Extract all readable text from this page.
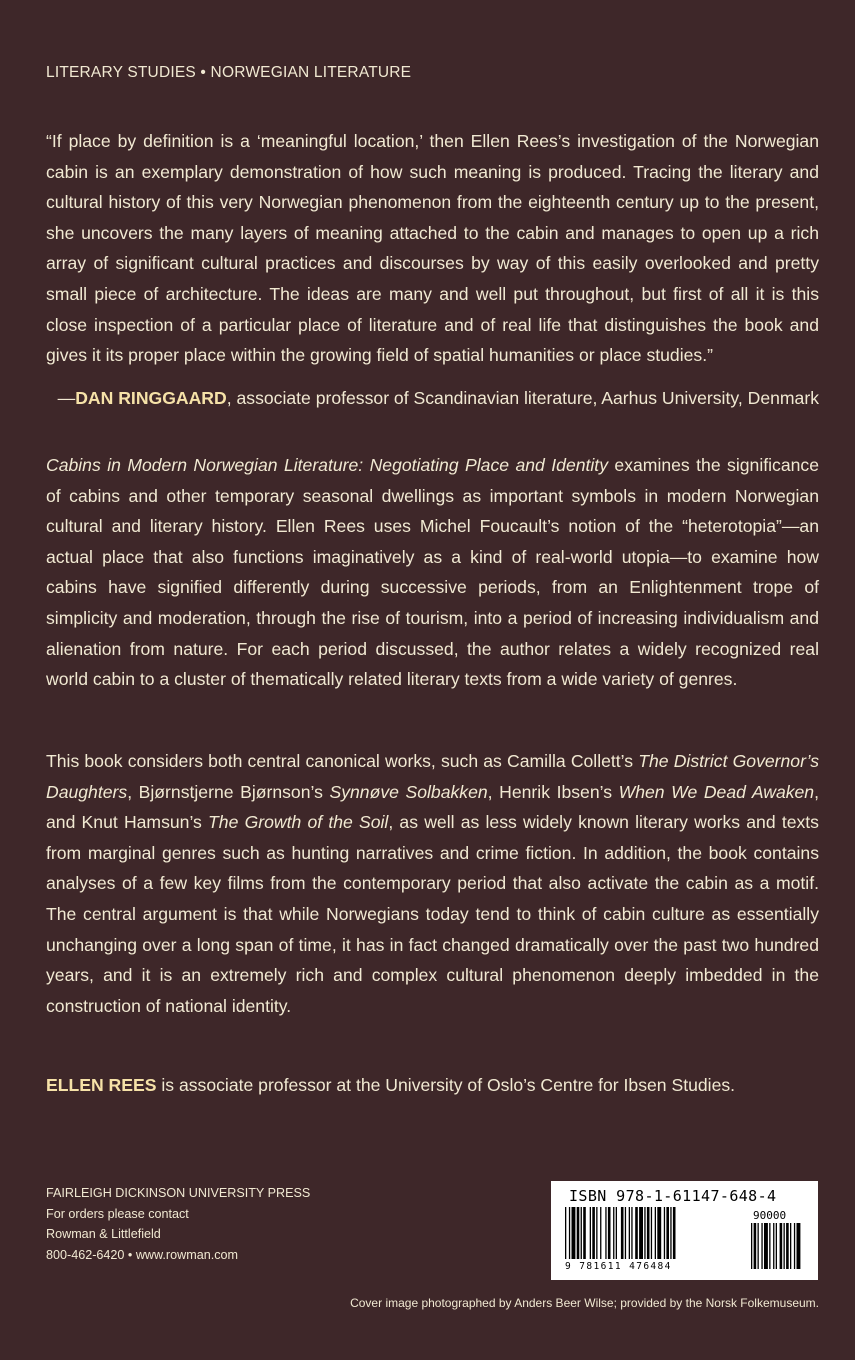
LITERARY STUDIES • NORWEGIAN LITERATURE

“If place by definition is a ‘meaningful location,’ then Ellen Rees’s investigation of the Norwegian cabin is an exemplary demonstration of how such meaning is produced. Tracing the literary and cultural history of this very Norwegian phenomenon from the eighteenth century up to the present, she uncovers the many layers of meaning attached to the cabin and manages to open up a rich array of significant cultural practices and discourses by way of this easily overlooked and pretty small piece of architecture. The ideas are many and well put throughout, but first of all it is this close inspection of a particular place of literature and of real life that distinguishes the book and gives it its proper place within the growing field of spatial humanities or place studies.”

—DAN RINGGAARD, associate professor of Scandinavian literature, Aarhus University, Denmark

Cabins in Modern Norwegian Literature: Negotiating Place and Identity examines the significance of cabins and other temporary seasonal dwellings as important symbols in modern Norwegian cultural and literary history. Ellen Rees uses Michel Foucault’s notion of the “heterotopia”—an actual place that also functions imaginatively as a kind of real-world utopia—to examine how cabins have signified differently during successive periods, from an Enlightenment trope of simplicity and moderation, through the rise of tourism, into a period of increasing individualism and alienation from nature. For each period discussed, the author relates a widely recognized real world cabin to a cluster of thematically related literary texts from a wide variety of genres.

This book considers both central canonical works, such as Camilla Collett’s The District Governor’s Daughters, Bjørnstjerne Bjørnson’s Synnøve Solbakken, Henrik Ibsen’s When We Dead Awaken, and Knut Hamsun’s The Growth of the Soil, as well as less widely known literary works and texts from marginal genres such as hunting narratives and crime fiction. In addition, the book contains analyses of a few key films from the contemporary period that also activate the cabin as a motif. The central argument is that while Norwegians today tend to think of cabin culture as essentially unchanging over a long span of time, it has in fact changed dramatically over the past two hundred years, and it is an extremely rich and complex cultural phenomenon deeply imbedded in the construction of national identity.

ELLEN REES is associate professor at the University of Oslo’s Centre for Ibsen Studies.
FAIRLEIGH DICKINSON UNIVERSITY PRESS
For orders please contact
Rowman & Littlefield
800-462-6420 • www.rowman.com
ISBN 978-1-61147-648-4
90000
9 781611 476484
Cover image photographed by Anders Beer Wilse; provided by the Norsk Folkemuseum.
